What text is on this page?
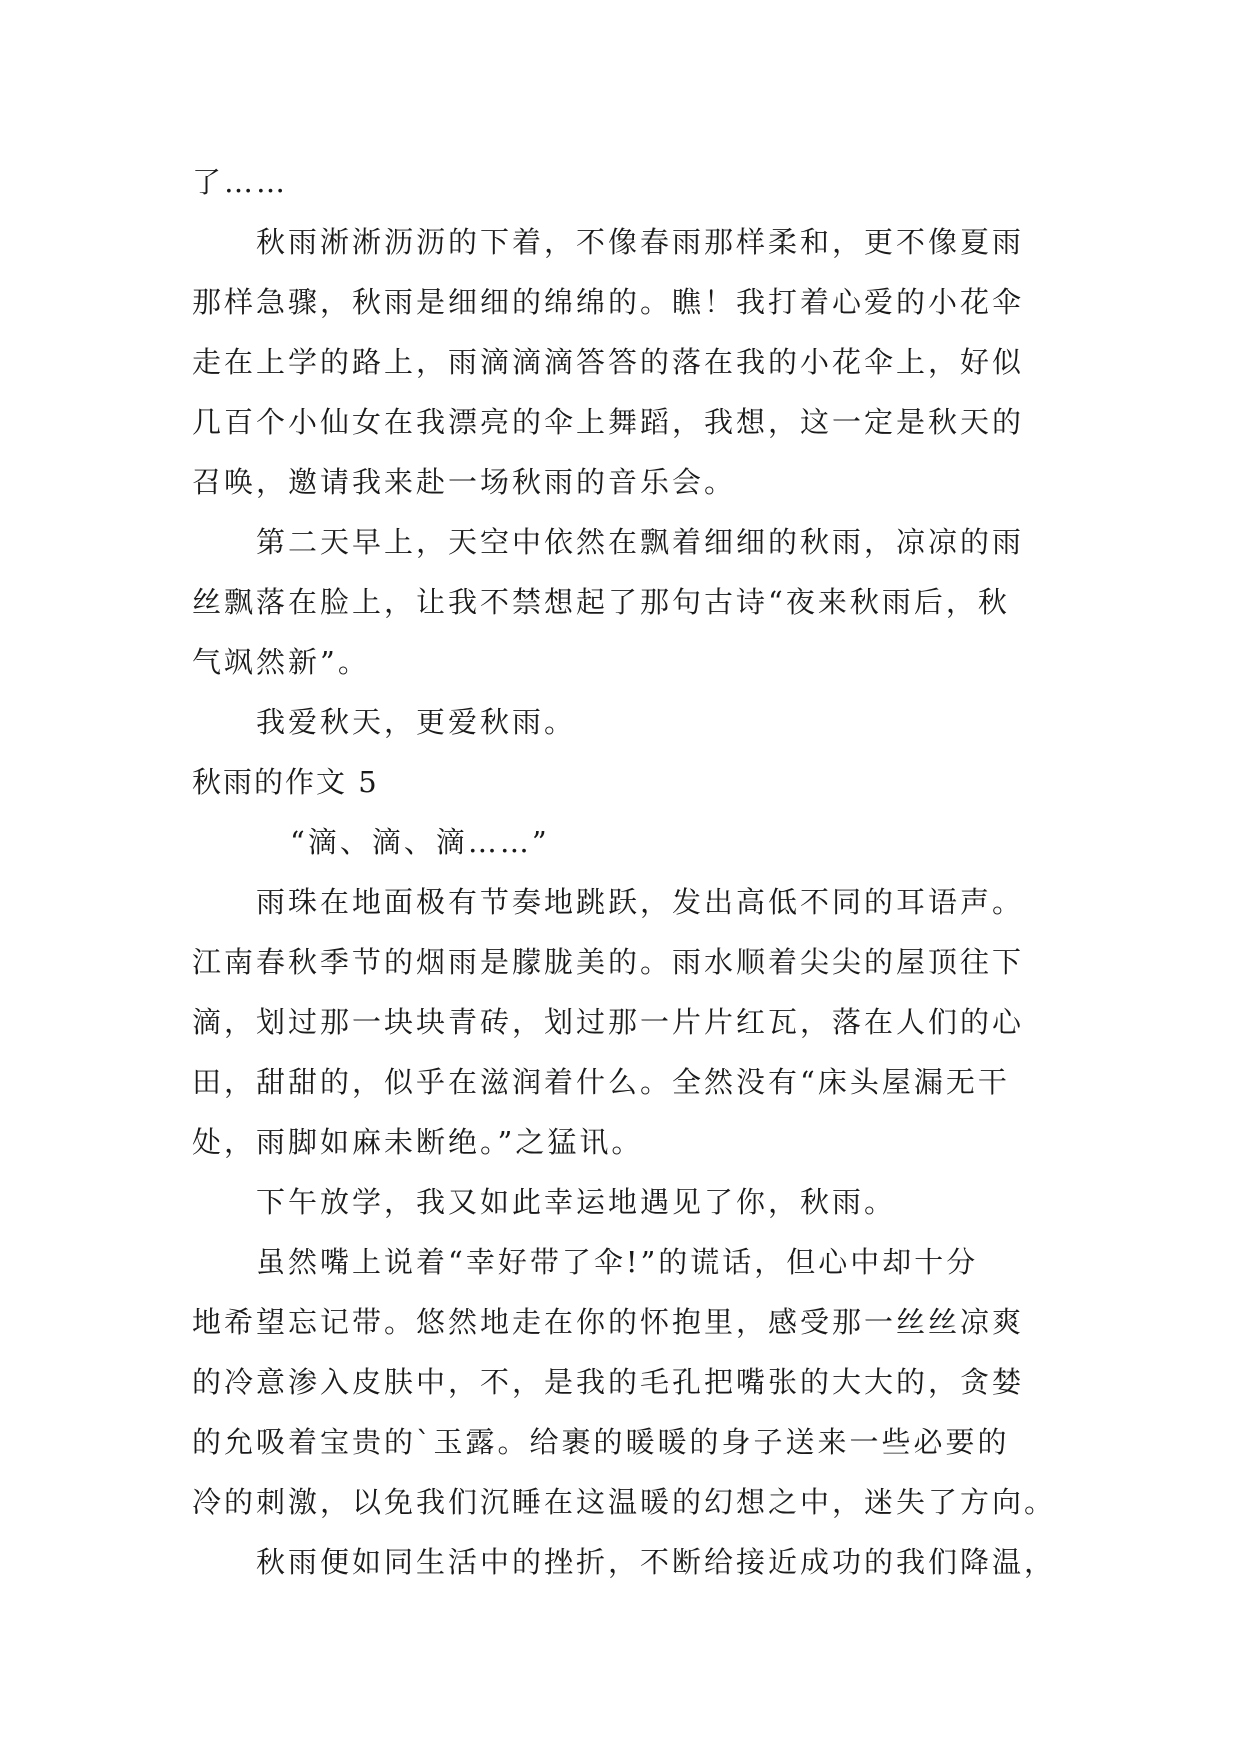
了……
秋雨淅淅沥沥的下着，不像春雨那样柔和，更不像夏雨
那样急骤，秋雨是细细的绵绵的。瞧！我打着心爱的小花伞
走在上学的路上，雨滴滴滴答答的落在我的小花伞上，好似
几百个小仙女在我漂亮的伞上舞蹈，我想，这一定是秋天的
召唤，邀请我来赴一场秋雨的音乐会。
第二天早上，天空中依然在飘着细细的秋雨，凉凉的雨
丝飘落在脸上，让我不禁想起了那句古诗“夜来秋雨后，秋
气飒然新”。
我爱秋天，更爱秋雨。
秋雨的作文 5
“滴、滴、滴……”
雨珠在地面极有节奏地跳跃，发出高低不同的耳语声。
江南春秋季节的烟雨是朦胧美的。雨水顺着尖尖的屋顶往下
滴，划过那一块块青砖，划过那一片片红瓦，落在人们的心
田，甜甜的，似乎在滋润着什么。全然没有“床头屋漏无干
处，雨脚如麻未断绝。”之猛讯。
下午放学，我又如此幸运地遇见了你，秋雨。
虽然嘴上说着“幸好带了伞!”的谎话，但心中却十分
地希望忘记带。悠然地走在你的怀抱里，感受那一丝丝凉爽
的冷意渗入皮肤中，不，是我的毛孔把嘴张的大大的，贪婪
的允吸着宝贵的`玉露。给裹的暖暖的身子送来一些必要的
冷的刺激，以免我们沉睡在这温暖的幻想之中，迷失了方向。
秋雨便如同生活中的挫折，不断给接近成功的我们降温，
